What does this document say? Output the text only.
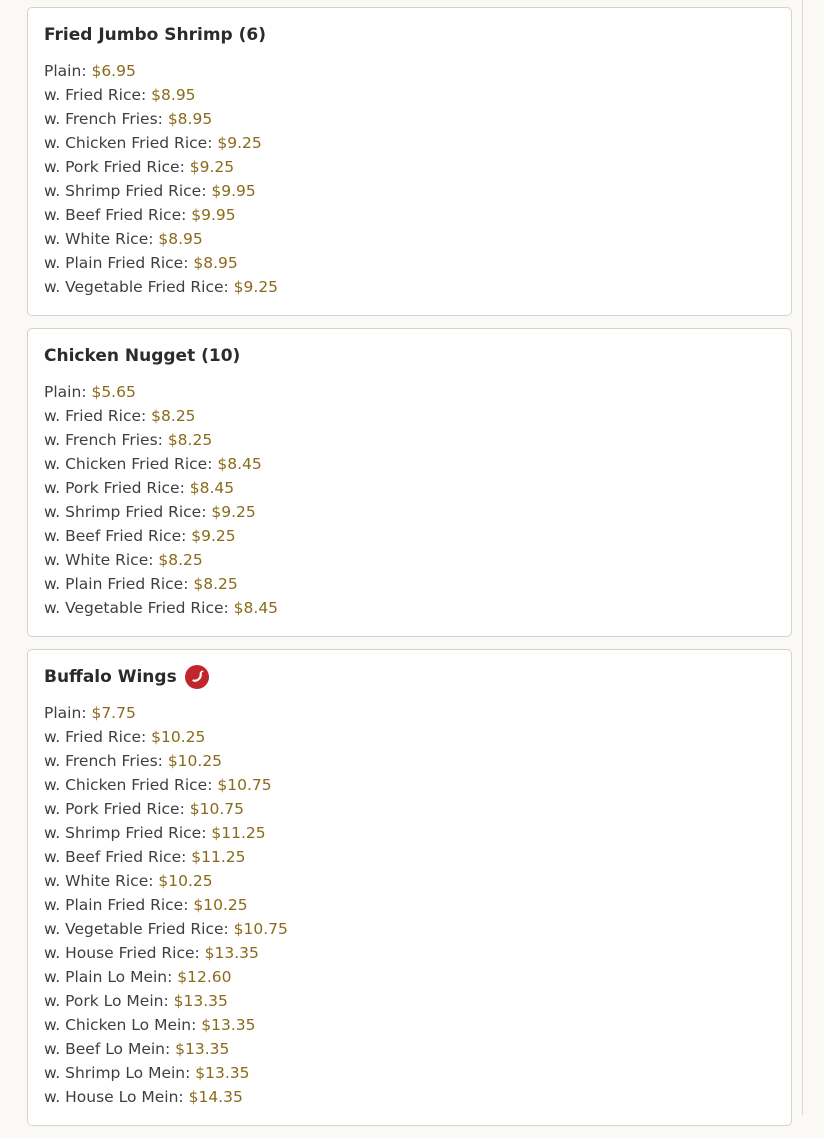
Fried Jumbo Shrimp (6)
Plain: $6.95
w. Fried Rice: $8.95
w. French Fries: $8.95
w. Chicken Fried Rice: $9.25
w. Pork Fried Rice: $9.25
w. Shrimp Fried Rice: $9.95
w. Beef Fried Rice: $9.95
w. White Rice: $8.95
w. Plain Fried Rice: $8.95
w. Vegetable Fried Rice: $9.25
Chicken Nugget (10)
Plain: $5.65
w. Fried Rice: $8.25
w. French Fries: $8.25
w. Chicken Fried Rice: $8.45
w. Pork Fried Rice: $8.45
w. Shrimp Fried Rice: $9.25
w. Beef Fried Rice: $9.25
w. White Rice: $8.25
w. Plain Fried Rice: $8.25
w. Vegetable Fried Rice: $8.45
Buffalo Wings
Plain: $7.75
w. Fried Rice: $10.25
w. French Fries: $10.25
w. Chicken Fried Rice: $10.75
w. Pork Fried Rice: $10.75
w. Shrimp Fried Rice: $11.25
w. Beef Fried Rice: $11.25
w. White Rice: $10.25
w. Plain Fried Rice: $10.25
w. Vegetable Fried Rice: $10.75
w. House Fried Rice: $13.35
w. Plain Lo Mein: $12.60
w. Pork Lo Mein: $13.35
w. Chicken Lo Mein: $13.35
w. Beef Lo Mein: $13.35
w. Shrimp Lo Mein: $13.35
w. House Lo Mein: $14.35
